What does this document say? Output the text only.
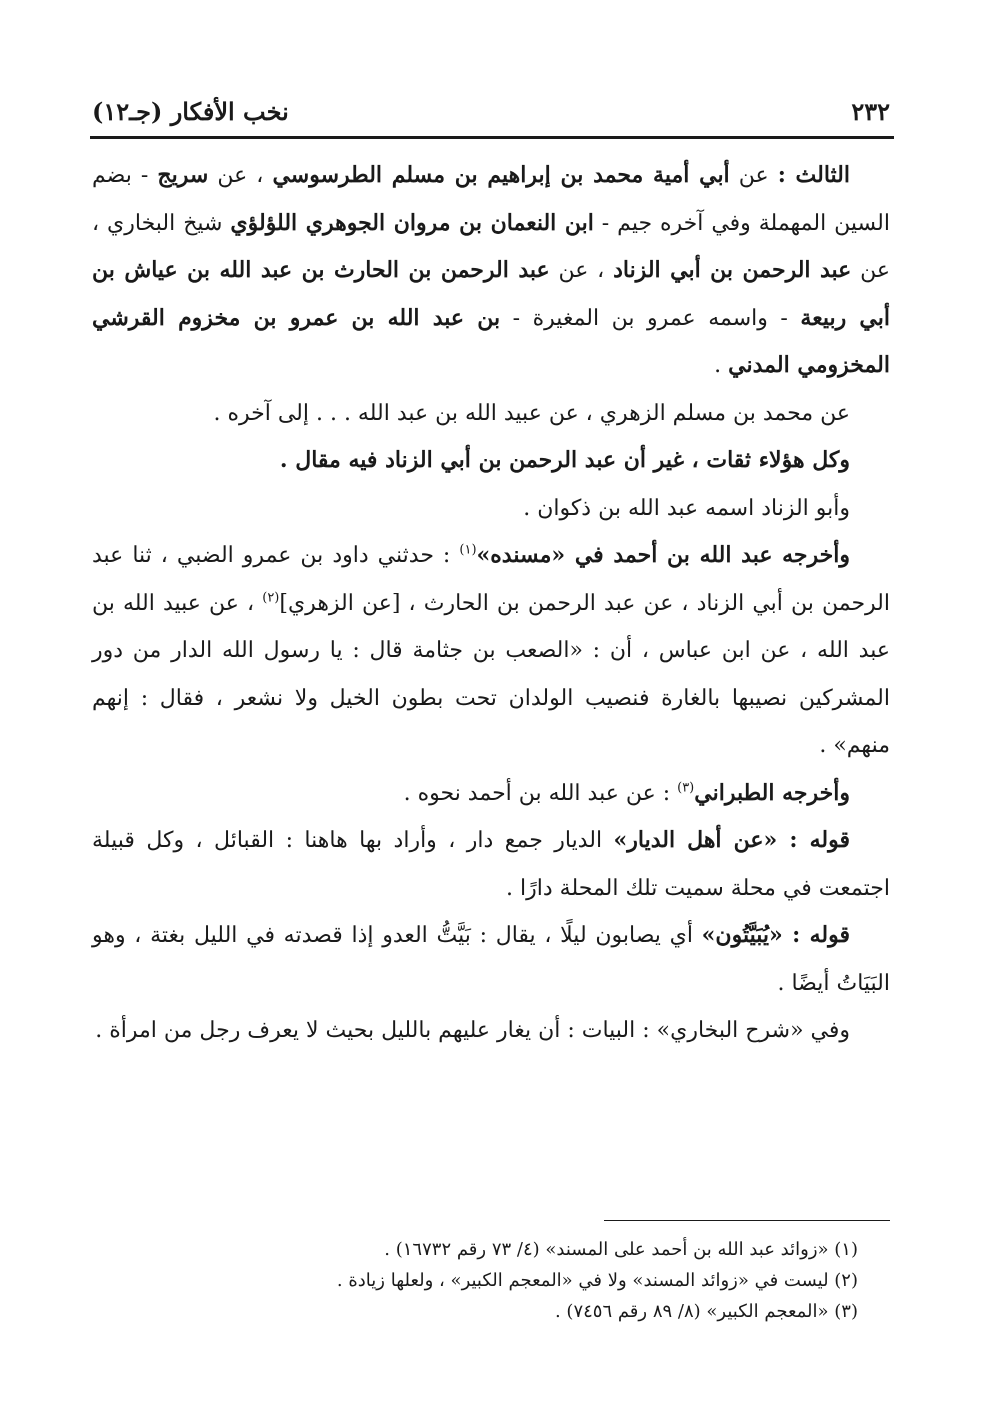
٢٣٢
نخب الأفكار (جـ١٢)

الثالث : عن أبي أمية محمد بن إبراهيم بن مسلم الطرسوسي ، عن سريج - بضم السين المهملة وفي آخره جيم - ابن النعمان بن مروان الجوهري اللؤلؤي شيخ البخاري ، عن عبد الرحمن بن أبي الزناد ، عن عبد الرحمن بن الحارث بن عبد الله بن عياش بن أبي ربيعة - واسمه عمرو بن المغيرة - بن عبد الله بن عمرو بن مخزوم القرشي المخزومي المدني .

عن محمد بن مسلم الزهري ، عن عبيد الله بن عبد الله . . . إلى آخره .

وكل هؤلاء ثقات ، غير أن عبد الرحمن بن أبي الزناد فيه مقال .

وأبو الزناد اسمه عبد الله بن ذكوان .

وأخرجه عبد الله بن أحمد في «مسنده»$^{(١)}$ : حدثني داود بن عمرو الضبي ، ثنا عبد الرحمن بن أبي الزناد ، عن عبد الرحمن بن الحارث ، [عن الزهري]$^{(٢)}$ ، عن عبيد الله بن عبد الله ، عن ابن عباس ، أن : «الصعب بن جثامة قال : يا رسول الله الدار من دور المشركين نصيبها بالغارة فنصيب الولدان تحت بطون الخيل ولا نشعر ، فقال : إنهم منهم» .

وأخرجه الطبراني$^{(٣)}$ : عن عبد الله بن أحمد نحوه .

قوله : «عن أهل الديار» الديار جمع دار ، وأراد بها هاهنا : القبائل ، وكل قبيلة اجتمعت في محلة سميت تلك المحلة دارًا .

قوله : «يُبَيَّتُون» أي يصابون ليلًا ، يقال : بَيَّتُّ العدو إذا قصدته في الليل بغتة ، وهو البَيَاتُ أيضًا .

وفي «شرح البخاري» : البيات : أن يغار عليهم بالليل بحيث لا يعرف رجل من امرأة .

(١) «زوائد عبد الله بن أحمد على المسند» (٤/ ٧٣ رقم ١٦٧٣٢) .

(٢) ليست في «زوائد المسند» ولا في «المعجم الكبير» ، ولعلها زيادة .

(٣) «المعجم الكبير» (٨/ ٨٩ رقم ٧٤٥٦) .
